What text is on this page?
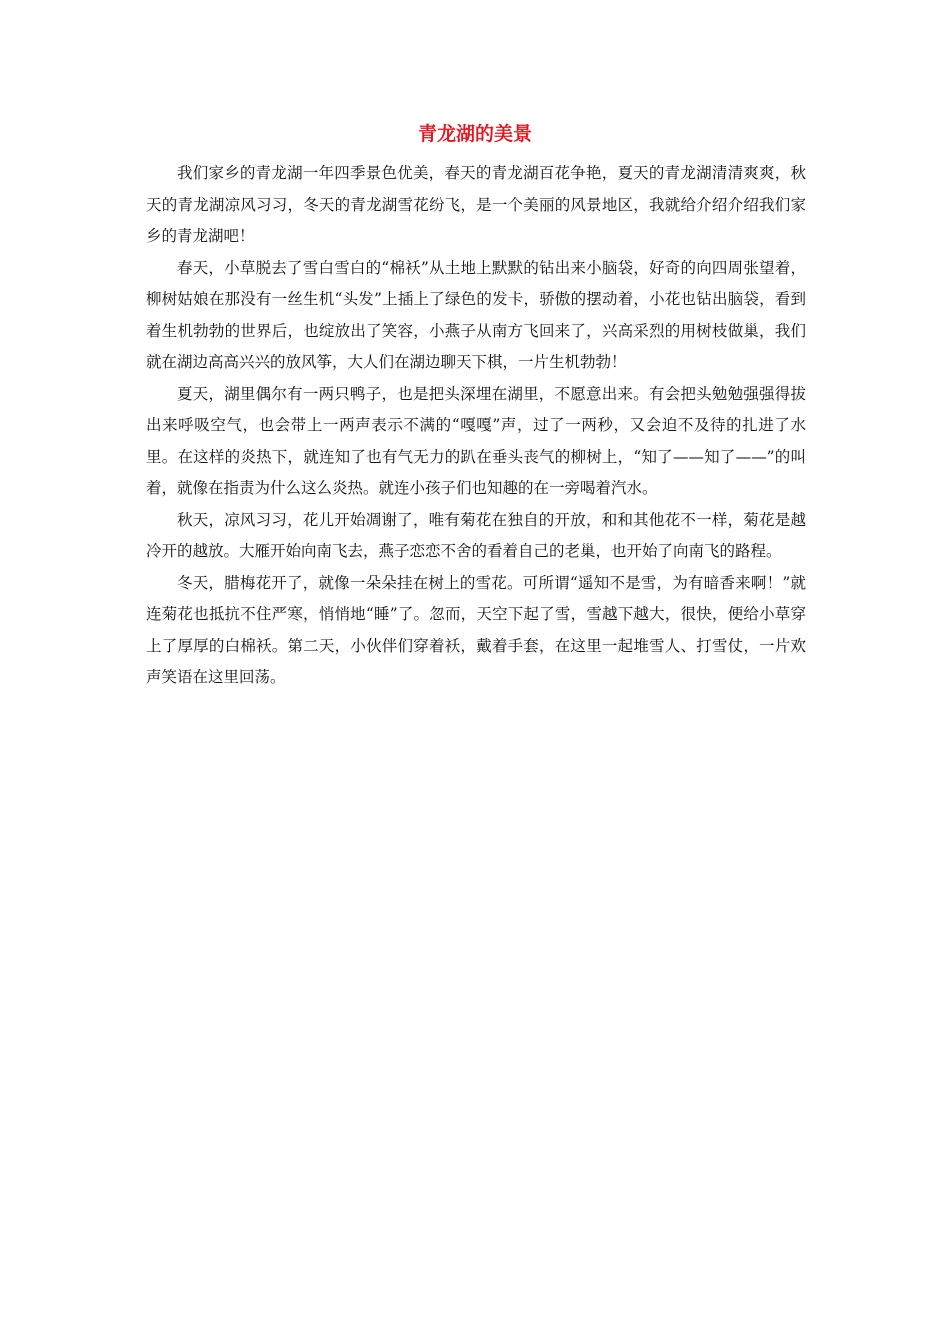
青龙湖的美景

我们家乡的青龙湖一年四季景色优美，春天的青龙湖百花争艳，夏天的青龙湖清清爽爽，秋天的青龙湖凉风习习，冬天的青龙湖雪花纷飞，是一个美丽的风景地区，我就给介绍介绍我们家乡的青龙湖吧！

春天，小草脱去了雪白雪白的“棉袄”从土地上默默的钻出来小脑袋，好奇的向四周张望着，柳树姑娘在那没有一丝生机“头发”上插上了绿色的发卡，骄傲的摆动着，小花也钻出脑袋，看到着生机勃勃的世界后，也绽放出了笑容，小燕子从南方飞回来了，兴高采烈的用树枝做巢，我们就在湖边高高兴兴的放风筝，大人们在湖边聊天下棋，一片生机勃勃！

夏天，湖里偶尔有一两只鸭子，也是把头深埋在湖里，不愿意出来。有会把头勉勉强强得拔出来呼吸空气，也会带上一两声表示不满的“嘎嘎”声，过了一两秒，又会迫不及待的扎进了水里。在这样的炎热下，就连知了也有气无力的趴在垂头丧气的柳树上，“知了——知了——”的叫着，就像在指责为什么这么炎热。就连小孩子们也知趣的在一旁喝着汽水。

秋天，凉风习习，花儿开始凋谢了，唯有菊花在独自的开放，和和其他花不一样，菊花是越冷开的越放。大雁开始向南飞去，燕子恋恋不舍的看着自己的老巢，也开始了向南飞的路程。

冬天，腊梅花开了，就像一朵朵挂在树上的雪花。可所谓“遥知不是雪，为有暗香来啊！”就连菊花也抵抗不住严寒，悄悄地“睡”了。忽而，天空下起了雪，雪越下越大，很快，便给小草穿上了厚厚的白棉袄。第二天，小伙伴们穿着袄，戴着手套，在这里一起堆雪人、打雪仗，一片欢声笑语在这里回荡。
